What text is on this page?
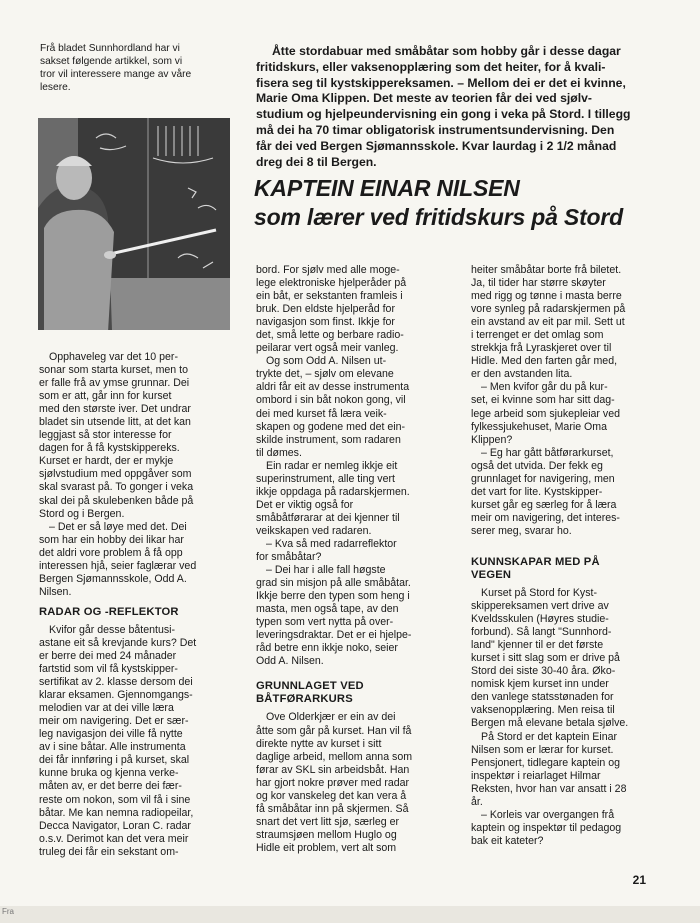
Frå bladet Sunnhordland har vi
sakset følgende artikkel, som vi
tror vil interessere mange av våre
lesere.

Åtte stordabuar med småbåtar som hobby går i desse dagar
fritidskurs, eller vaksenopplæring som det heiter, for å kvali-
fisera seg til kystskippereksamen. – Mellom dei er det ei kvinne,
Marie Oma Klippen. Det meste av teorien får dei ved sjølv-
studium og hjelpeundervisning ein gong i veka på Stord. I tillegg
må dei ha 70 timar obligatorisk instrumentsundervisning. Den
får dei ved Bergen Sjømannsskole. Kvar laurdag i 2 1/2 månad
dreg dei 8 til Bergen.

KAPTEIN EINAR NILSEN
som lærer ved fritidskurs på Stord

Opphaveleg var det 10 per-
sonar som starta kurset, men to
er falle frå av ymse grunnar. Dei
som er att, går inn for kurset
med den største iver. Det undrar
bladet sin utsende litt, at det kan
leggjast så stor interesse for
dagen for å få kystskippereks.
Kurset er hardt, der er mykje
sjølvstudium med oppgåver som
skal svarast på. To gonger i veka
skal dei på skulebenken både på
Stord og i Bergen.

– Det er så løye med det. Dei
som har ein hobby dei likar har
det aldri vore problem å få opp
interessen hjå, seier faglærar ved
Bergen Sjømannsskole, Odd A.
Nilsen.

RADAR OG -REFLEKTOR

Kvifor går desse båtentusi-
astane eit så krevjande kurs? Det
er berre dei med 24 månader
fartstid som vil få kystskipper-
sertifikat av 2. klasse dersom dei
klarar eksamen. Gjennomgangs-
melodien var at dei ville læra
meir om navigering. Det er sær-
leg navigasjon dei ville få nytte
av i sine båtar. Alle instrumenta
dei får innføring i på kurset, skal
kunne bruka og kjenna verke-
måten av, er det berre dei fær-
reste om nokon, som vil få i sine
båtar. Me kan nemna radiopeilar,
Decca Navigator, Loran C. radar
o.s.v. Derimot kan det vera meir
truleg dei får ein sekstant om-

bord. For sjølv med alle moge-
lege elektroniske hjelperåder på
ein båt, er sekstanten framleis i
bruk. Den eldste hjelperåd for
navigasjon som finst. Ikkje for
det, små lette og berbare radio-
peilarar vert også meir vanleg.

Og som Odd A. Nilsen ut-
trykte det, – sjølv om elevane
aldri får eit av desse instrumenta
ombord i sin båt nokon gong, vil
dei med kurset få læra veik-
skapen og godene med det ein-
skilde instrument, som radaren
til dømes.

Ein radar er nemleg ikkje eit
superinstrument, alle ting vert
ikkje oppdaga på radarskjermen.
Det er viktig også for
småbåtførarar at dei kjenner til
veikskapen ved radaren.

– Kva så med radarreflektor
for småbåtar?

– Dei har i alle fall høgste
grad sin misjon på alle småbåtar.
Ikkje berre den typen som heng i
masta, men også tape, av den
typen som vert nytta på over-
leveringsdraktar. Det er ei hjelpe-
råd betre enn ikkje noko, seier
Odd A. Nilsen.

GRUNNLAGET VED
BÅTFØRARKURS

Ove Olderkjær er ein av dei
åtte som går på kurset. Han vil få
direkte nytte av kurset i sitt
daglige arbeid, mellom anna som
førar av SKL sin arbeidsbåt. Han
har gjort nokre prøver med radar
og kor vanskeleg det kan vera å
få småbåtar inn på skjermen. Så
snart det vert litt sjø, særleg er
straumsjøen mellom Huglo og
Hidle eit problem, vert alt som

heiter småbåtar borte frå biletet.
Ja, til tider har større skøyter
med rigg og tønne i masta berre
vore synleg på radarskjermen på
ein avstand av eit par mil. Sett ut
i terrenget er det omlag som
strekkja frå Lyraskjeret over til
Hidle. Med den farten går med,
er den avstanden lita.

– Men kvifor går du på kur-
set, ei kvinne som har sitt dag-
lege arbeid som sjukepleiar ved
fylkessjukehuset, Marie Oma
Klippen?

– Eg har gått båtførarkurset,
også det utvida. Der fekk eg
grunnlaget for navigering, men
det vart for lite. Kystskipper-
kurset går eg særleg for å læra
meir om navigering, det interes-
serer meg, svarar ho.

KUNNSKAPAR MED PÅ
VEGEN

Kurset på Stord for Kyst-
skippereksamen vert drive av
Kveldsskulen (Høyres studie-
forbund). Så langt "Sunnhord-
land" kjenner til er det første
kurset i sitt slag som er drive på
Stord dei siste 30-40 åra. Øko-
nomisk kjem kurset inn under
den vanlege statsstønaden for
vaksenopplæring. Men reisa til
Bergen må elevane betala sjølve.

På Stord er det kaptein Einar
Nilsen som er lærar for kurset.
Pensjonert, tidlegare kaptein og
inspektør i reiarlaget Hilmar
Reksten, hvor han var ansatt i 28
år.

– Korleis var overgangen frå
kaptein og inspektør til pedagog
bak eit kateter?

21
Fra
